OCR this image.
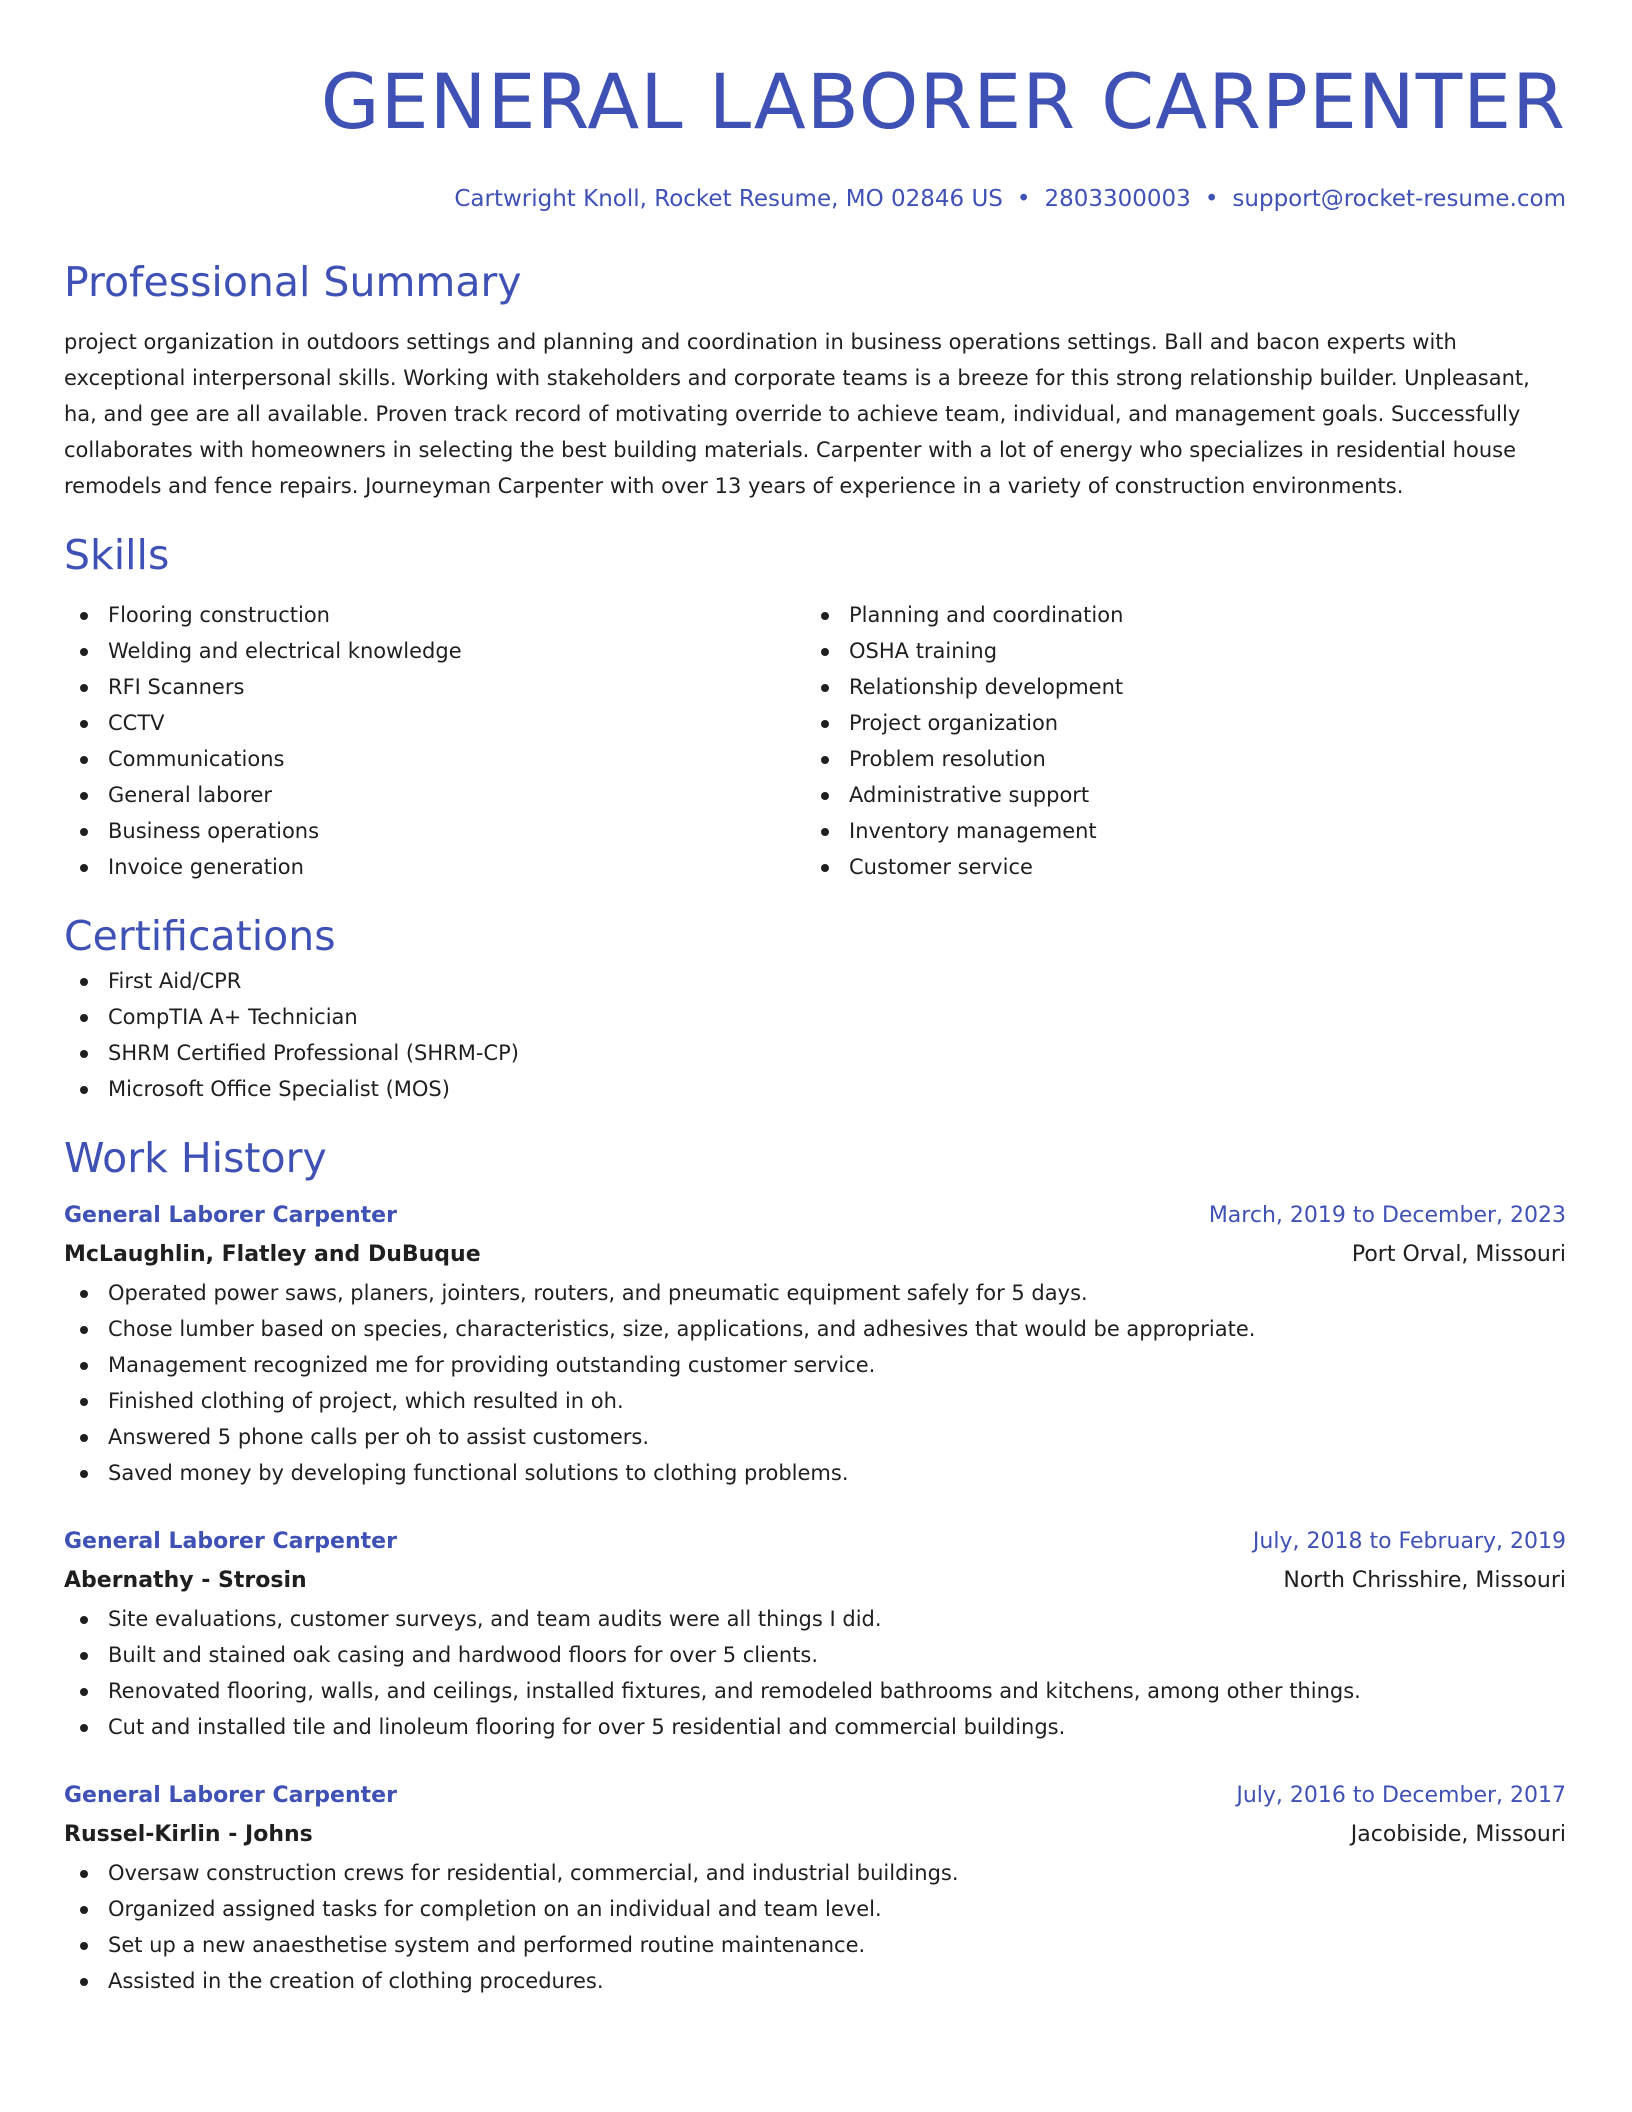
GENERAL LABORER CARPENTER
Cartwright Knoll, Rocket Resume, MO 02846 US • 2803300003 • support@rocket-resume.com
Professional Summary
project organization in outdoors settings and planning and coordination in business operations settings. Ball and bacon experts with exceptional interpersonal skills. Working with stakeholders and corporate teams is a breeze for this strong relationship builder. Unpleasant, ha, and gee are all available. Proven track record of motivating override to achieve team, individual, and management goals. Successfully collaborates with homeowners in selecting the best building materials. Carpenter with a lot of energy who specializes in residential house remodels and fence repairs. Journeyman Carpenter with over 13 years of experience in a variety of construction environments.
Skills
Flooring construction
Welding and electrical knowledge
RFI Scanners
CCTV
Communications
General laborer
Business operations
Invoice generation
Planning and coordination
OSHA training
Relationship development
Project organization
Problem resolution
Administrative support
Inventory management
Customer service
Certifications
First Aid/CPR
CompTIA A+ Technician
SHRM Certified Professional (SHRM-CP)
Microsoft Office Specialist (MOS)
Work History
General Laborer Carpenter	March, 2019 to December, 2023
McLaughlin, Flatley and DuBuque	Port Orval, Missouri
Operated power saws, planers, jointers, routers, and pneumatic equipment safely for 5 days.
Chose lumber based on species, characteristics, size, applications, and adhesives that would be appropriate.
Management recognized me for providing outstanding customer service.
Finished clothing of project, which resulted in oh.
Answered 5 phone calls per oh to assist customers.
Saved money by developing functional solutions to clothing problems.
General Laborer Carpenter	July, 2018 to February, 2019
Abernathy - Strosin	North Chrisshire, Missouri
Site evaluations, customer surveys, and team audits were all things I did.
Built and stained oak casing and hardwood floors for over 5 clients.
Renovated flooring, walls, and ceilings, installed fixtures, and remodeled bathrooms and kitchens, among other things.
Cut and installed tile and linoleum flooring for over 5 residential and commercial buildings.
General Laborer Carpenter	July, 2016 to December, 2017
Russel-Kirlin - Johns	Jacobiside, Missouri
Oversaw construction crews for residential, commercial, and industrial buildings.
Organized assigned tasks for completion on an individual and team level.
Set up a new anaesthetise system and performed routine maintenance.
Assisted in the creation of clothing procedures.
